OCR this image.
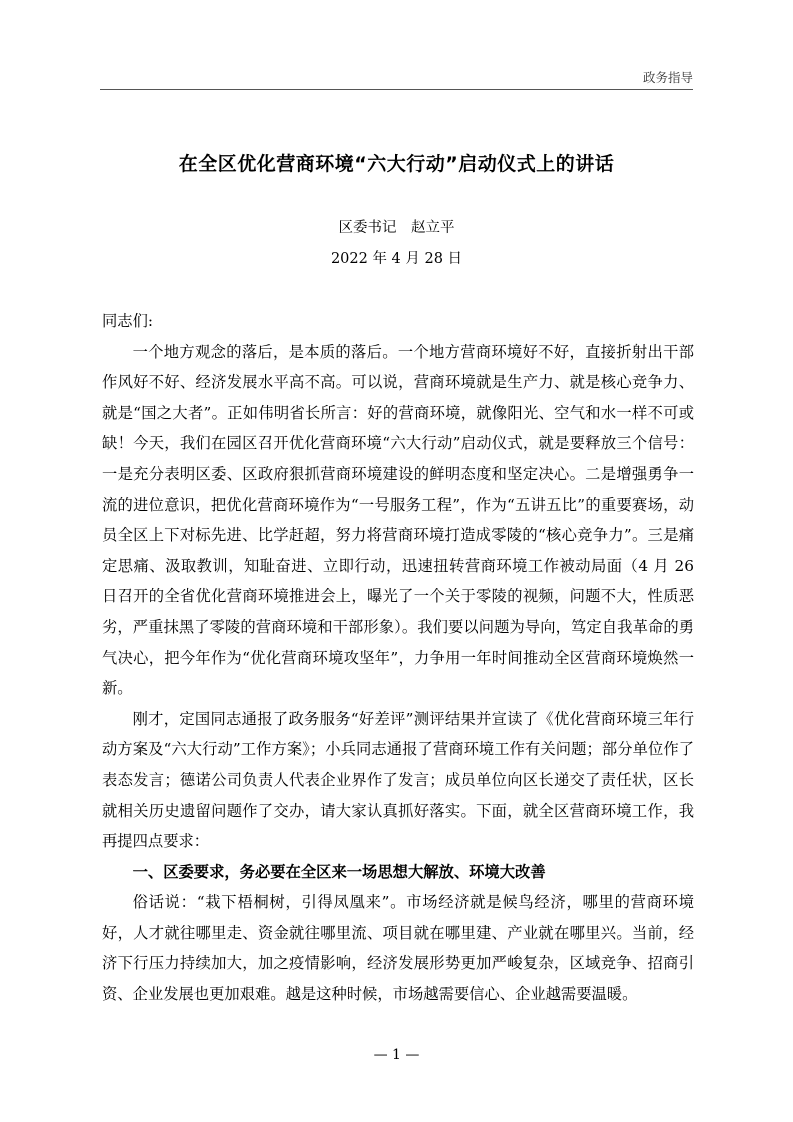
政务指导
在全区优化营商环境“六大行动”启动仪式上的讲话
区委书记　赵立平
2022 年 4 月 28 日

同志们:

一个地方观念的落后，是本质的落后。一个地方营商环境好不好，直接折射出干部作风好不好、经济发展水平高不高。可以说，营商环境就是生产力、就是核心竞争力、就是“国之大者”。正如伟明省长所言：好的营商环境，就像阳光、空气和水一样不可或缺！今天，我们在园区召开优化营商环境“六大行动”启动仪式，就是要释放三个信号：一是充分表明区委、区政府狠抓营商环境建设的鲜明态度和坚定决心。二是增强勇争一流的进位意识，把优化营商环境作为“一号服务工程”，作为“五讲五比”的重要赛场，动员全区上下对标先进、比学赶超，努力将营商环境打造成零陵的“核心竞争力”。三是痛定思痛、汲取教训，知耻奋进、立即行动，迅速扭转营商环境工作被动局面（4 月 26 日召开的全省优化营商环境推进会上，曝光了一个关于零陵的视频，问题不大，性质恶劣，严重抹黑了零陵的营商环境和干部形象）。我们要以问题为导向，笃定自我革命的勇气决心，把今年作为“优化营商环境攻坚年”，力争用一年时间推动全区营商环境焕然一新。

刚才，定国同志通报了政务服务“好差评”测评结果并宣读了《优化营商环境三年行动方案及“六大行动”工作方案》；小兵同志通报了营商环境工作有关问题；部分单位作了表态发言；德诺公司负责人代表企业界作了发言；成员单位向区长递交了责任状，区长就相关历史遗留问题作了交办，请大家认真抓好落实。下面，就全区营商环境工作，我再提四点要求：

一、区委要求，务必要在全区来一场思想大解放、环境大改善

俗话说：“栽下梧桐树，引得凤凰来”。市场经济就是候鸟经济，哪里的营商环境好，人才就往哪里走、资金就往哪里流、项目就在哪里建、产业就在哪里兴。当前，经济下行压力持续加大，加之疫情影响，经济发展形势更加严峻复杂，区域竞争、招商引资、企业发展也更加艰难。越是这种时候，市场越需要信心、企业越需要温暖。

— 1 —
